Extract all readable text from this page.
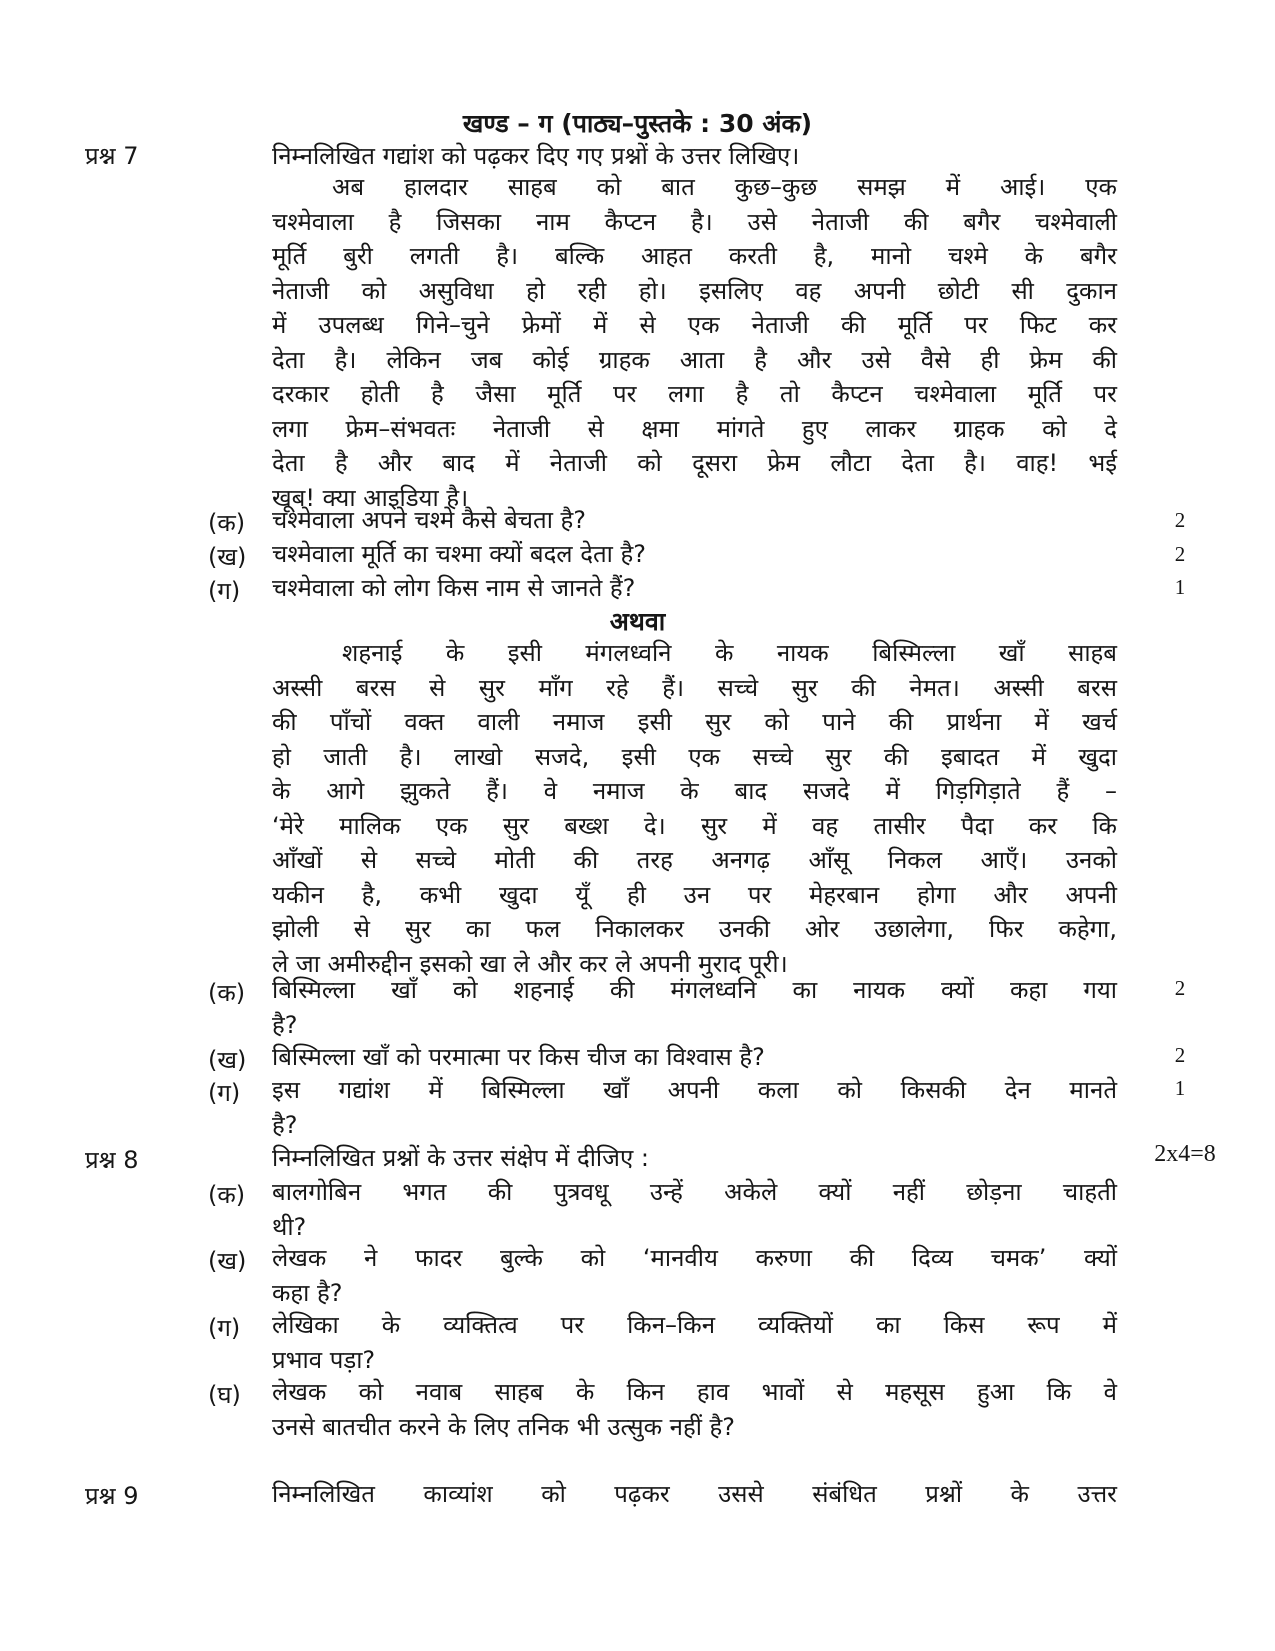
खण्ड – ग (पाठ्य–पुस्तके : 30 अंक)
प्रश्न 7	निम्नलिखित गद्यांश को पढ़कर दिए गए प्रश्नों के उत्तर लिखिए।
अब हालदार साहब को बात कुछ–कुछ समझ में आई। एक
चश्मेवाला है जिसका नाम कैप्टन है। उसे नेताजी की बगैर चश्मेवाली
मूर्ति बुरी लगती है। बल्कि आहत करती है, मानो चश्मे के बगैर
नेताजी को असुविधा हो रही हो। इसलिए वह अपनी छोटी सी दुकान
में उपलब्ध गिने–चुने फ्रेमों में से एक नेताजी की मूर्ति पर फिट कर
देता है। लेकिन जब कोई ग्राहक आता है और उसे वैसे ही फ्रेम की
दरकार होती है जैसा मूर्ति पर लगा है तो कैप्टन चश्मेवाला मूर्ति पर
लगा फ्रेम–संभवतः नेताजी से क्षमा मांगते हुए लाकर ग्राहक को दे
देता है और बाद में नेताजी को दूसरा फ्रेम लौटा देता है। वाह! भई
खूब! क्या आइडिया है।
(क) चश्मेवाला अपने चश्मे कैसे बेचता है?	2
(ख) चश्मेवाला मूर्ति का चश्मा क्यों बदल देता है?	2
(ग) चश्मेवाला को लोग किस नाम से जानते हैं?	1
अथवा
शहनाई के इसी मंगलध्वनि के नायक बिस्मिल्ला खाँ साहब
अस्सी बरस से सुर माँग रहे हैं। सच्चे सुर की नेमत। अस्सी बरस
की पाँचों वक्त वाली नमाज इसी सुर को पाने की प्रार्थना में खर्च
हो जाती है। लाखो सजदे, इसी एक सच्चे सुर की इबादत में खुदा
के आगे झुकते हैं। वे नमाज के बाद सजदे में गिड़गिड़ाते हैं –
‘मेरे मालिक एक सुर बख्श दे। सुर में वह तासीर पैदा कर कि
आँखों से सच्चे मोती की तरह अनगढ़ आँसू निकल आएँ। उनको
यकीन है, कभी खुदा यूँ ही उन पर मेहरबान होगा और अपनी
झोली से सुर का फल निकालकर उनकी ओर उछालेगा, फिर कहेगा,
ले जा अमीरुद्दीन इसको खा ले और कर ले अपनी मुराद पूरी।
(क) बिस्मिल्ला खाँ को शहनाई की मंगलध्वनि का नायक क्यों कहा गया
है?
2
(ख) बिस्मिल्ला खाँ को परमात्मा पर किस चीज का विश्वास है?	2
(ग) इस गद्यांश में बिस्मिल्ला खाँ अपनी कला को किसकी देन मानते
है?
1
प्रश्न 8	निम्नलिखित प्रश्नों के उत्तर संक्षेप में दीजिए :	2x4=8
(क) बालगोबिन भगत की पुत्रवधू उन्हें अकेले क्यों नहीं छोड़ना चाहती
थी?
(ख) लेखक ने फादर बुल्के को ‘मानवीय करुणा की दिव्य चमक’ क्यों
कहा है?
(ग) लेखिका के व्यक्तित्व पर किन–किन व्यक्तियों का किस रूप में
प्रभाव पड़ा?
(घ) लेखक को नवाब साहब के किन हाव भावों से महसूस हुआ कि वे
उनसे बातचीत करने के लिए तनिक भी उत्सुक नहीं है?
प्रश्न 9	निम्नलिखित काव्यांश को पढ़कर उससे संबंधित प्रश्नों के उत्तर
